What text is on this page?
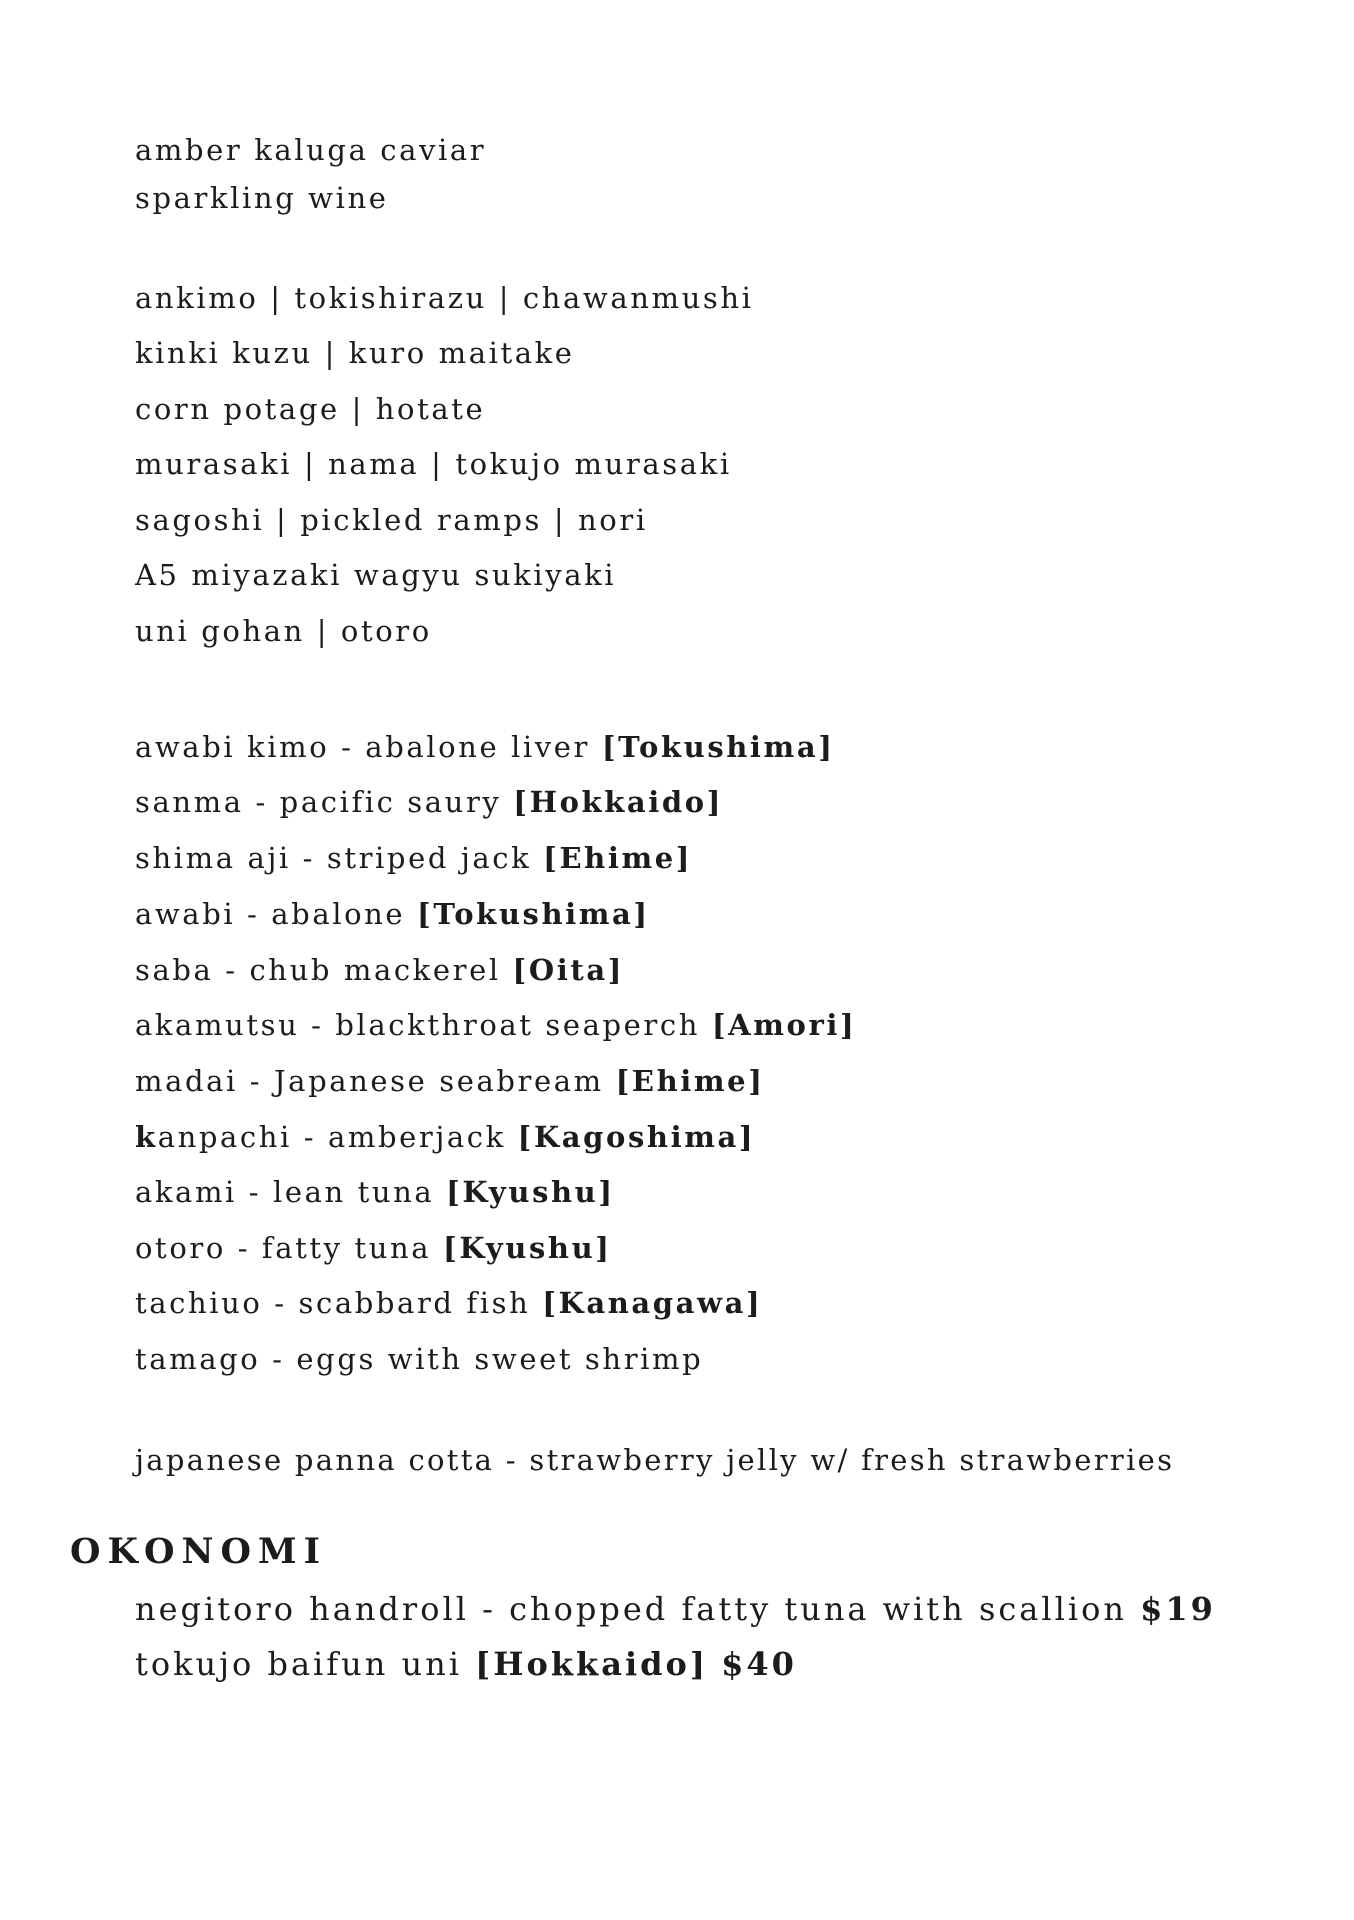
amber kaluga caviar
sparkling wine
ankimo | tokishirazu | chawanmushi
kinki kuzu | kuro maitake
corn potage | hotate
murasaki | nama | tokujo murasaki
sagoshi | pickled ramps | nori
A5 miyazaki wagyu sukiyaki
uni gohan | otoro
awabi kimo - abalone liver [Tokushima]
sanma - pacific saury [Hokkaido]
shima aji - striped jack [Ehime]
awabi - abalone [Tokushima]
saba - chub mackerel [Oita]
akamutsu - blackthroat seaperch [Amori]
madai - Japanese seabream [Ehime]
kanpachi - amberjack [Kagoshima]
akami - lean tuna [Kyushu]
otoro - fatty tuna [Kyushu]
tachiuo - scabbard fish [Kanagawa]
tamago - eggs with sweet shrimp
japanese panna cotta - strawberry jelly w/ fresh strawberries
OKONOMI
negitoro handroll - chopped fatty tuna with scallion $19
tokujo baifun uni [Hokkaido] $40
